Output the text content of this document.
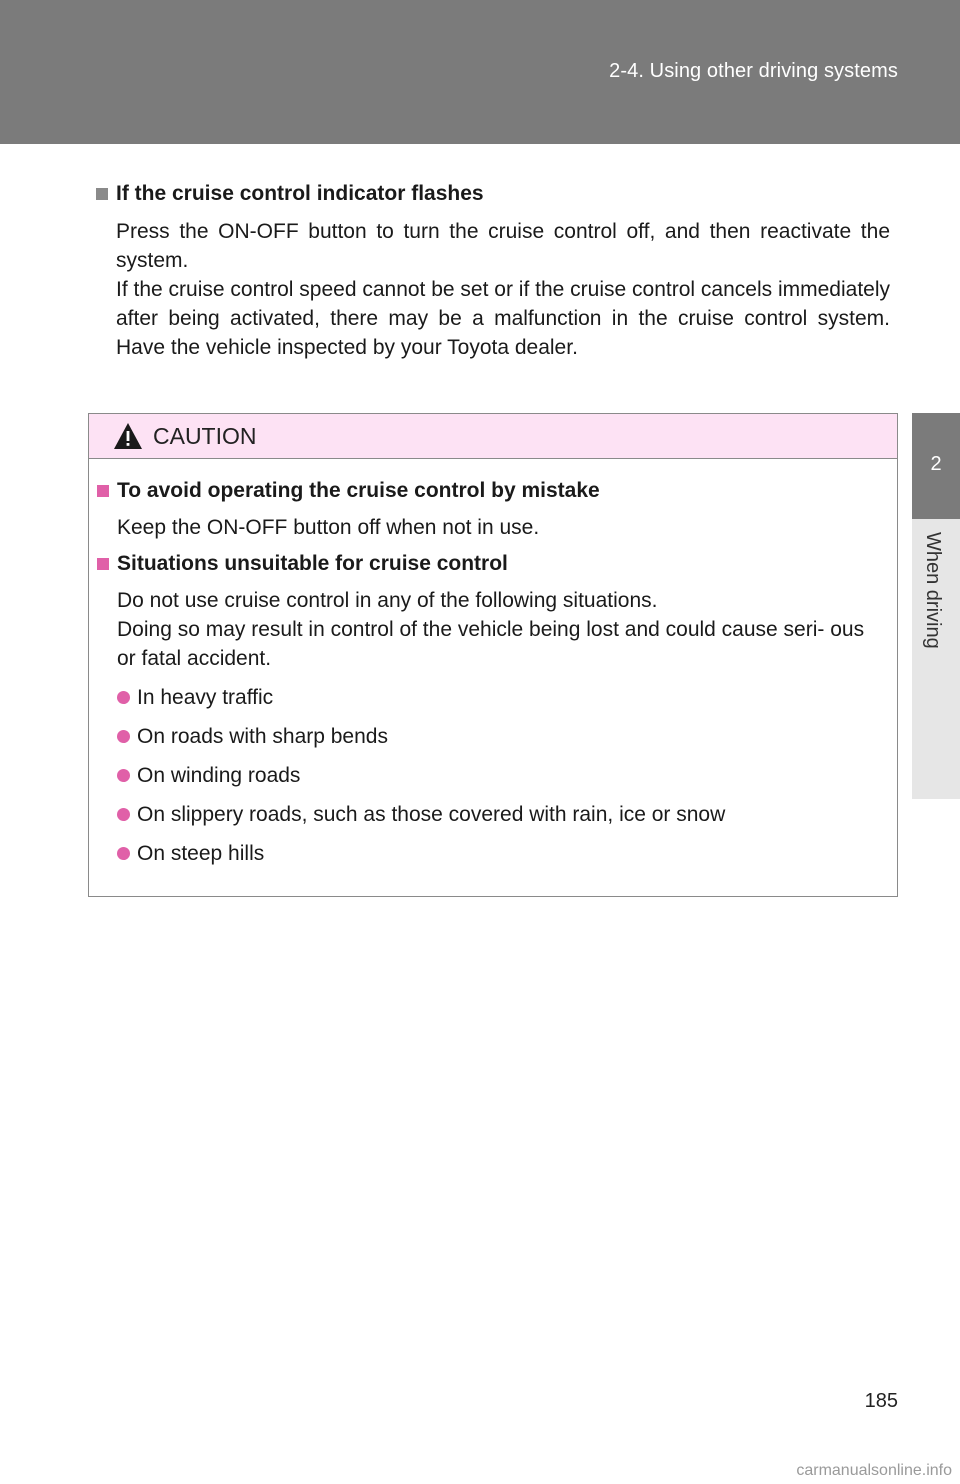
2-4. Using other driving systems
2
When driving
If the cruise control indicator flashes

Press the ON-OFF button to turn the cruise control off, and then reactivate the system.

If the cruise control speed cannot be set or if the cruise control cancels immediately after being activated, there may be a malfunction in the cruise control system. Have the vehicle inspected by your Toyota dealer.

CAUTION
To avoid operating the cruise control by mistake

Keep the ON-OFF button off when not in use.

Situations unsuitable for cruise control

Do not use cruise control in any of the following situations.
Doing so may result in control of the vehicle being lost and could cause seri- ous or fatal accident.

In heavy traffic
On roads with sharp bends
On winding roads
On slippery roads, such as those covered with rain, ice or snow
On steep hills
185
carmanualsonline.info
